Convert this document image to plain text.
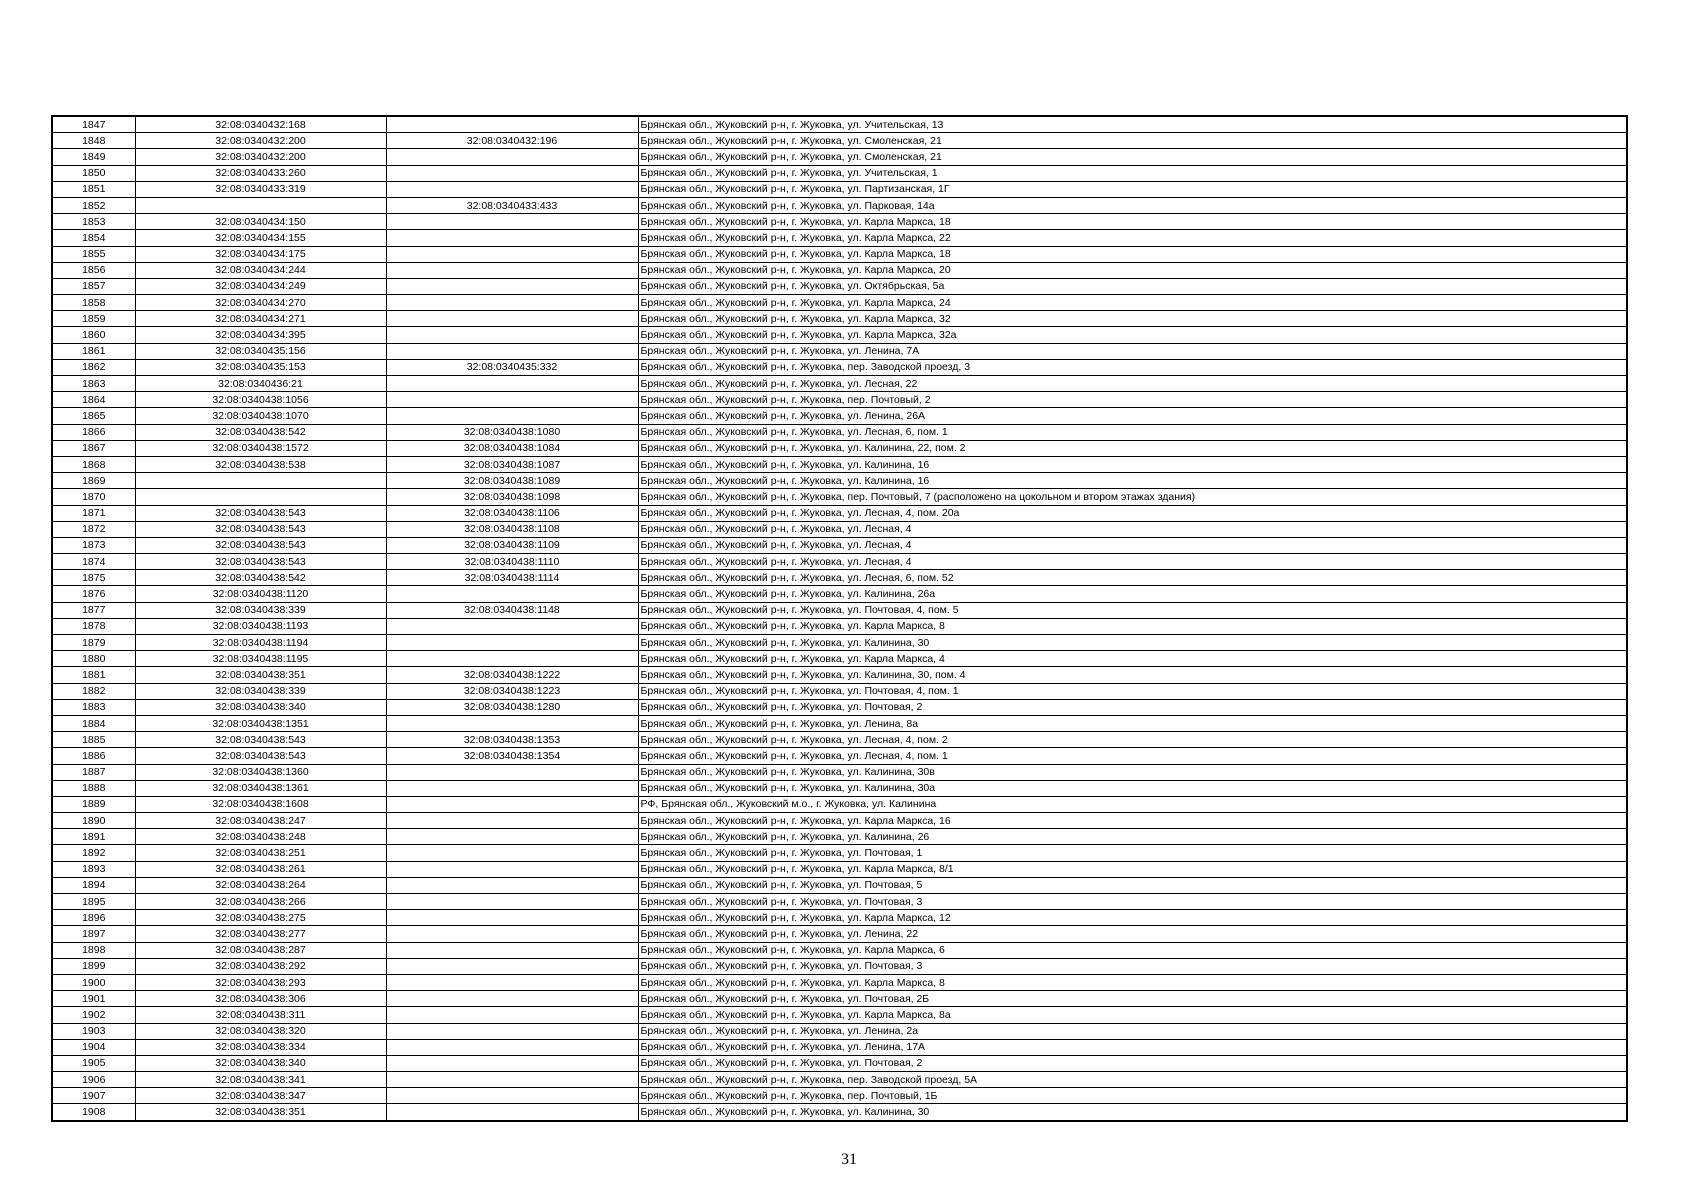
1847	32:08:0340432:168		Брянская обл., Жуковский р-н, г. Жуковка, ул. Учительская, 13
1848	32:08:0340432:200	32:08:0340432:196	Брянская обл., Жуковский р-н, г. Жуковка, ул. Смоленская, 21
1849	32:08:0340432:200		Брянская обл., Жуковский р-н, г. Жуковка, ул. Смоленская, 21
1850	32:08:0340433:260		Брянская обл., Жуковский р-н, г. Жуковка, ул. Учительская, 1
1851	32:08:0340433:319		Брянская обл., Жуковский р-н, г. Жуковка, ул. Партизанская, 1Г
1852		32:08:0340433:433	Брянская обл., Жуковский р-н, г. Жуковка, ул. Парковая, 14а
1853	32:08:0340434:150		Брянская обл., Жуковский р-н, г. Жуковка, ул. Карла Маркса, 18
1854	32:08:0340434:155		Брянская обл., Жуковский р-н, г. Жуковка, ул. Карла Маркса, 22
1855	32:08:0340434:175		Брянская обл., Жуковский р-н, г. Жуковка, ул. Карла Маркса, 18
1856	32:08:0340434:244		Брянская обл., Жуковский р-н, г. Жуковка, ул. Карла Маркса, 20
1857	32:08:0340434:249		Брянская обл., Жуковский р-н, г. Жуковка, ул. Октябрьская, 5а
1858	32:08:0340434:270		Брянская обл., Жуковский р-н, г. Жуковка, ул. Карла Маркса, 24
1859	32:08:0340434:271		Брянская обл., Жуковский р-н, г. Жуковка, ул. Карла Маркса, 32
1860	32:08:0340434:395		Брянская обл., Жуковский р-н, г. Жуковка, ул. Карла Маркса, 32а
1861	32:08:0340435:156		Брянская обл., Жуковский р-н, г. Жуковка, ул. Ленина, 7А
1862	32:08:0340435:153	32:08:0340435:332	Брянская обл., Жуковский р-н, г. Жуковка, пер. Заводской проезд, 3
1863	32:08:0340436:21		Брянская обл., Жуковский р-н, г. Жуковка, ул. Лесная, 22
1864	32:08:0340438:1056		Брянская обл., Жуковский р-н, г. Жуковка, пер. Почтовый, 2
1865	32:08:0340438:1070		Брянская обл., Жуковский р-н, г. Жуковка, ул. Ленина, 26А
1866	32:08:0340438:542	32:08:0340438:1080	Брянская обл., Жуковский р-н, г. Жуковка, ул. Лесная, 6, пом. 1
1867	32:08:0340438:1572	32:08:0340438:1084	Брянская обл., Жуковский р-н, г. Жуковка, ул. Калинина, 22, пом. 2
1868	32:08:0340438:538	32:08:0340438:1087	Брянская обл., Жуковский р-н, г. Жуковка, ул. Калинина, 16
1869		32:08:0340438:1089	Брянская обл., Жуковский р-н, г. Жуковка, ул. Калинина, 16
1870		32:08:0340438:1098	Брянская обл., Жуковский р-н, г. Жуковка, пер. Почтовый, 7 (расположено на цокольном и втором этажах здания)
1871	32:08:0340438:543	32:08:0340438:1106	Брянская обл., Жуковский р-н, г. Жуковка, ул. Лесная, 4, пом. 20а
1872	32:08:0340438:543	32:08:0340438:1108	Брянская обл., Жуковский р-н, г. Жуковка, ул. Лесная, 4
1873	32:08:0340438:543	32:08:0340438:1109	Брянская обл., Жуковский р-н, г. Жуковка, ул. Лесная, 4
1874	32:08:0340438:543	32:08:0340438:1110	Брянская обл., Жуковский р-н, г. Жуковка, ул. Лесная, 4
1875	32:08:0340438:542	32:08:0340438:1114	Брянская обл., Жуковский р-н, г. Жуковка, ул. Лесная, 6, пом. 52
1876	32:08:0340438:1120		Брянская обл., Жуковский р-н, г. Жуковка, ул. Калинина, 26а
1877	32:08:0340438:339	32:08:0340438:1148	Брянская обл., Жуковский р-н, г. Жуковка, ул. Почтовая, 4, пом. 5
1878	32:08:0340438:1193		Брянская обл., Жуковский р-н, г. Жуковка, ул. Карла Маркса, 8
1879	32:08:0340438:1194		Брянская обл., Жуковский р-н, г. Жуковка, ул. Калинина, 30
1880	32:08:0340438:1195		Брянская обл., Жуковский р-н, г. Жуковка, ул. Карла Маркса, 4
1881	32:08:0340438:351	32:08:0340438:1222	Брянская обл., Жуковский р-н, г. Жуковка, ул. Калинина, 30, пом. 4
1882	32:08:0340438:339	32:08:0340438:1223	Брянская обл., Жуковский р-н, г. Жуковка, ул. Почтовая, 4, пом. 1
1883	32:08:0340438:340	32:08:0340438:1280	Брянская обл., Жуковский р-н, г. Жуковка, ул. Почтовая, 2
1884	32:08:0340438:1351		Брянская обл., Жуковский р-н, г. Жуковка, ул. Ленина, 8а
1885	32:08:0340438:543	32:08:0340438:1353	Брянская обл., Жуковский р-н, г. Жуковка, ул. Лесная, 4, пом. 2
1886	32:08:0340438:543	32:08:0340438:1354	Брянская обл., Жуковский р-н, г. Жуковка, ул. Лесная, 4, пом. 1
1887	32:08:0340438:1360		Брянская обл., Жуковский р-н, г. Жуковка, ул. Калинина, 30в
1888	32:08:0340438:1361		Брянская обл., Жуковский р-н, г. Жуковка, ул. Калинина, 30а
1889	32:08:0340438:1608		РФ, Брянская обл., Жуковский м.о., г. Жуковка, ул. Калинина
1890	32:08:0340438:247		Брянская обл., Жуковский р-н, г. Жуковка, ул. Карла Маркса, 16
1891	32:08:0340438:248		Брянская обл., Жуковский р-н, г. Жуковка, ул. Калинина, 26
1892	32:08:0340438:251		Брянская обл., Жуковский р-н, г. Жуковка, ул. Почтовая, 1
1893	32:08:0340438:261		Брянская обл., Жуковский р-н, г. Жуковка, ул. Карла Маркса, 8/1
1894	32:08:0340438:264		Брянская обл., Жуковский р-н, г. Жуковка, ул. Почтовая, 5
1895	32:08:0340438:266		Брянская обл., Жуковский р-н, г. Жуковка, ул. Почтовая, 3
1896	32:08:0340438:275		Брянская обл., Жуковский р-н, г. Жуковка, ул. Карла Маркса, 12
1897	32:08:0340438:277		Брянская обл., Жуковский р-н, г. Жуковка, ул. Ленина, 22
1898	32:08:0340438:287		Брянская обл., Жуковский р-н, г. Жуковка, ул. Карла Маркса, 6
1899	32:08:0340438:292		Брянская обл., Жуковский р-н, г. Жуковка, ул. Почтовая, 3
1900	32:08:0340438:293		Брянская обл., Жуковский р-н, г. Жуковка, ул. Карла Маркса, 8
1901	32:08:0340438:306		Брянская обл., Жуковский р-н, г. Жуковка, ул. Почтовая, 2Б
1902	32:08:0340438:311		Брянская обл., Жуковский р-н, г. Жуковка, ул. Карла Маркса, 8а
1903	32:08:0340438:320		Брянская обл., Жуковский р-н, г. Жуковка, ул. Ленина, 2а
1904	32:08:0340438:334		Брянская обл., Жуковский р-н, г. Жуковка, ул. Ленина, 17А
1905	32:08:0340438:340		Брянская обл., Жуковский р-н, г. Жуковка, ул. Почтовая, 2
1906	32:08:0340438:341		Брянская обл., Жуковский р-н, г. Жуковка, пер. Заводской проезд, 5А
1907	32:08:0340438:347		Брянская обл., Жуковский р-н, г. Жуковка, пер. Почтовый, 1Б
1908	32:08:0340438:351		Брянская обл., Жуковский р-н, г. Жуковка, ул. Калинина, 30
31
